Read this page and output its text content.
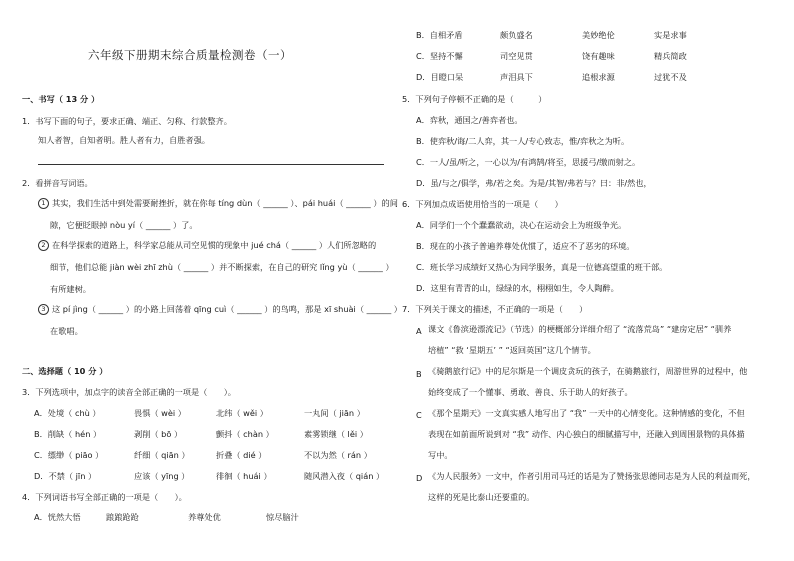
六年级下册期末综合质量检测卷（一）
一、书写（ 13 分 ）
1．书写下面的句子，要求正确、端正、匀称、行款整齐。
知人者智，自知者明。胜人者有力，自胜者强。
2．看拼音写词语。
1 其实，我们生活中到处需要耐挫折，就在你每 tíng dùn（ ______ ）、pái huái（ ______ ）的间
隙，它便眨眼掉 nòu yí（ ______ ）了。
2 在科学探索的道路上，科学家总能从司空见惯的现象中 jué chá（ ______ ）人们所忽略的
细节，他们总能 jiàn wèi zhī zhù（ ______ ）并不断探索，在自己的研究 lǐng yù（ ______ ）
有所建树。
3 这 pí jìng（ ______ ）的小路上回荡着 qīng cuì（ ______ ）的鸟鸣，那是 xī shuài（ ______ ）
在歌唱。
二、选择题（ 10 分 ）
3．下列选项中，加点字的读音全部正确的一项是（　　）。
A．处境（ chù ）	畏惧（ wèi ）	北纬（ wěi ）	一丸间（ jiān ）
B．削缺（ hén ）	剥削（ bō ）	颤抖（ chàn ）	素雾锁继（ lěi ）
C．缥缈（ piāo ）	纤细（ qiān ）	折叠（ dié ）	不以为然（ rán ）
D．不禁（ jīn ）	应该（ yīng ）	徘徊（ huái ）	随风潜入夜（ qián ）
4．下列词语书写全部正确的一项是（　　）。
A．恍然大悟	踉踉跄跄	养尊处优	惊尽脑汁
B．自相矛盾	颇负盛名	美妙绝伦	实是求事
C．坚持不懈	司空见贯	饶有趣味	精兵简政
D．目瞪口呆	声泪具下	追根求源	过犹不及
5．下列句子停顿不正确的是（　　　）
A．弈秋，通国之/善弈者也。
B．使弈秋/诲/二人弈，其一人/专心致志，惟/弈秋之为听。
C．一人/虽/听之，一心以为/有鸿鹄/将至，思援弓/缴而射之。
D．虽/与之/俱学，弗/若之矣。为是/其智/弗若与？曰：非/然也，
6．下列加点成语使用恰当的一项是（　　）
A．同学们一个个蠢蠢欲动，决心在运动会上为班级争光。
B．现在的小孩子普遍养尊处优惯了，适应不了恶劣的环境。
C．班长学习成绩好又热心为同学服务，真是一位德高望重的班干部。
D．这里有青青的山，绿绿的水，栩栩如生，令人陶醉。
7．下列关于课文的描述，不正确的一项是（　　）
A 课文《鲁滨逊漂流记》（节选）的梗概部分详细介绍了 “流落荒岛” “建房定居” “驯养
培植” “救 ‘星期五’ ” “返回英国”这几个情节。
B 《骑鹅旅行记》中的尼尔斯是一个调皮贪玩的孩子，在骑鹅旅行，周游世界的过程中，他
始终变成了一个懂事、勇敢、善良、乐于助人的好孩子。
C 《那个星期天》一文真实感人地写出了 “我” 一天中的心情变化。这种情感的变化，不但
表现在如前面所说到对 “我” 动作、内心独白的细腻描写中，还融入到周围景物的具体描
写中。
D 《为人民服务》一文中，作者引用司马迁的话是为了赞扬张思德同志是为人民的利益而死，
这样的死是比泰山还要重的。
